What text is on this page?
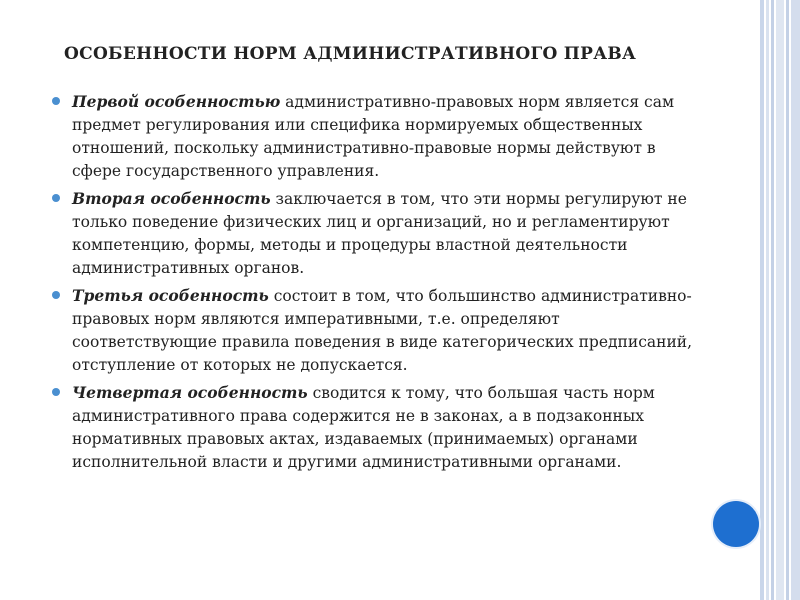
ОСОБЕННОСТИ НОРМ АДМИНИСТРАТИВНОГО ПРАВА
Первой особенностью административно-правовых норм является сам предмет регулирования или специфика нормируемых общественных отношений, поскольку административно-правовые нормы действуют в сфере государственного управления.
Вторая особенность заключается в том, что эти нормы регулируют не только поведение физических лиц и организаций, но и регламентируют компетенцию, формы, методы и процедуры властной деятельности административных органов.
Третья особенность состоит в том, что большинство административно-правовых норм являются императивными, т.е. определяют соответствующие правила поведения в виде категорических предписаний, отступление от которых не допускается.
Четвертая особенность сводится к тому, что большая часть норм административного права содержится не в законах, а в подзаконных нормативных правовых актах, издаваемых (принимаемых) органами исполнительной власти и другими административными органами.
